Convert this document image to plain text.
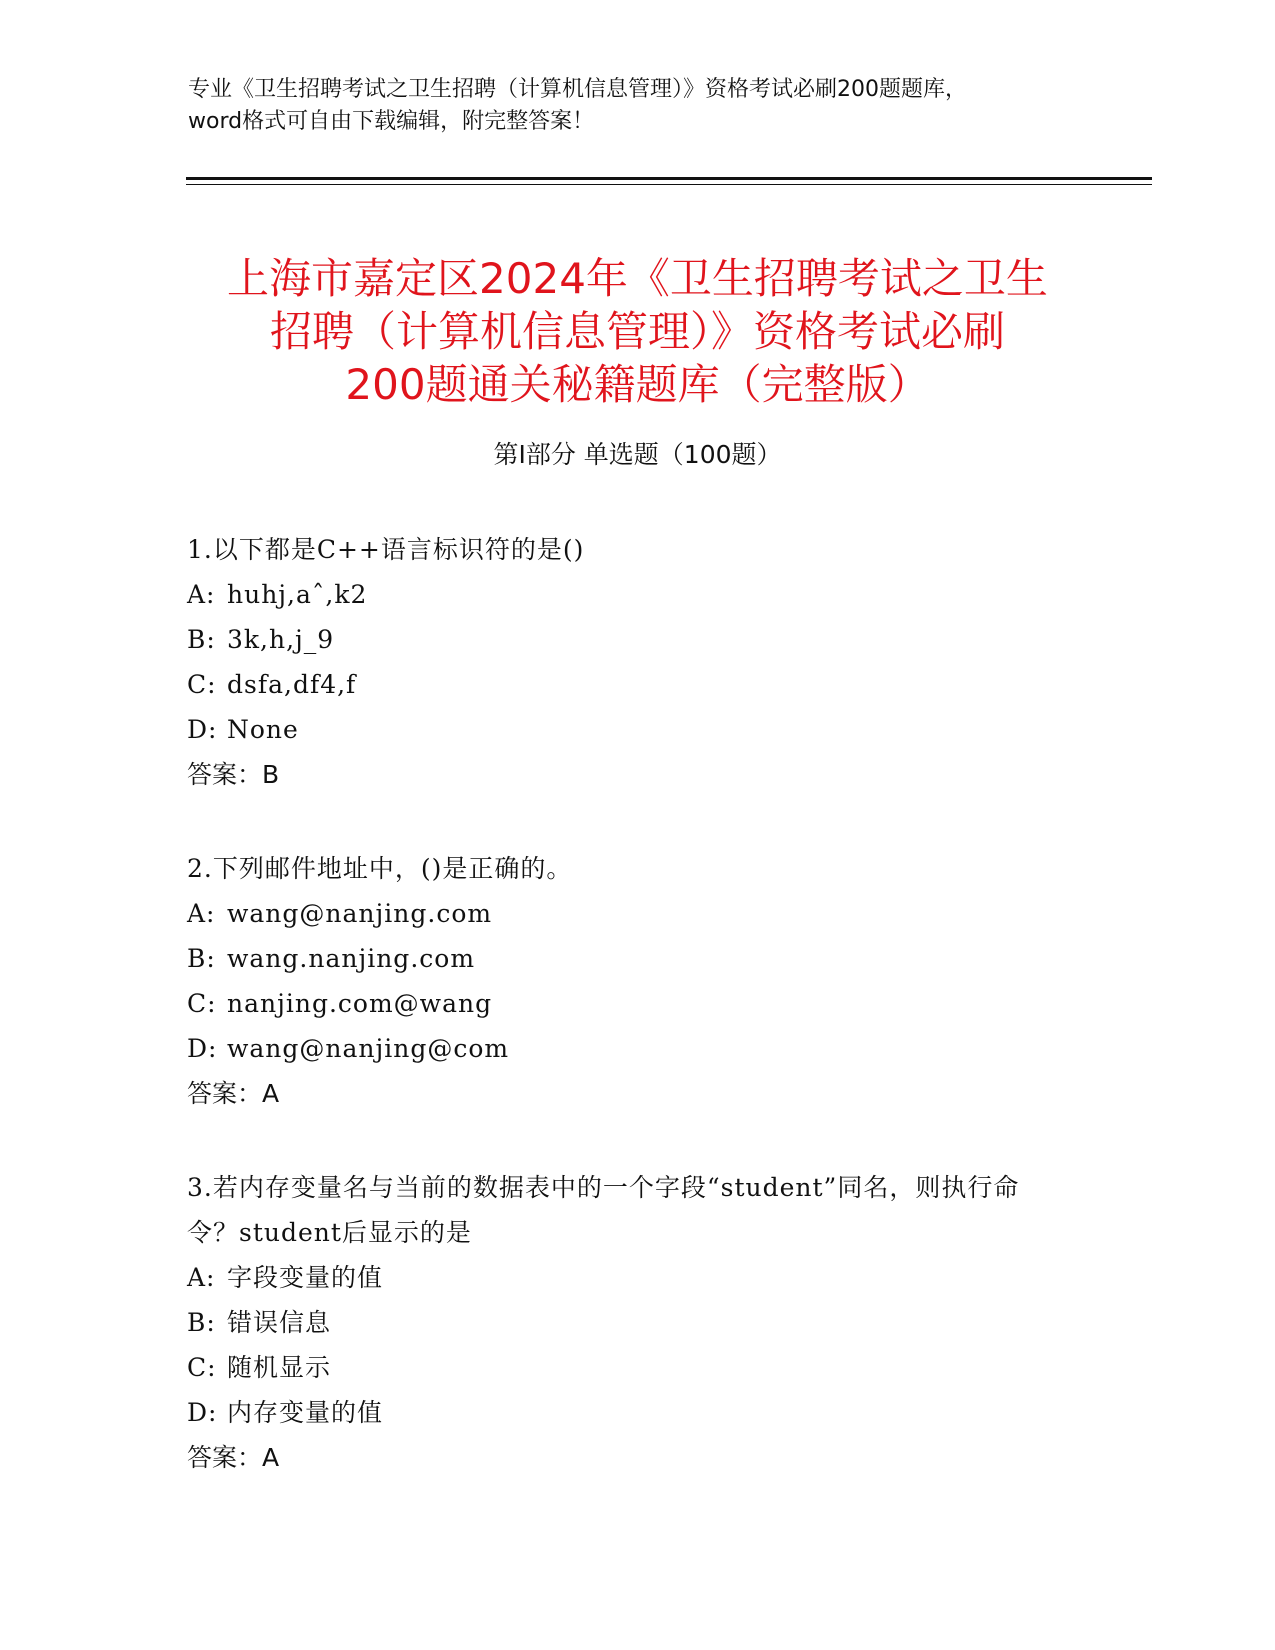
专业《卫生招聘考试之卫生招聘（计算机信息管理）》资格考试必刷200题题库，
word格式可自由下载编辑，附完整答案！
上海市嘉定区2024年《卫生招聘考试之卫生
招聘（计算机信息管理）》资格考试必刷
200题通关秘籍题库（完整版）
第I部分 单选题（100题）
1.以下都是C++语言标识符的是()
A: huhj,aˆ,k2
B: 3k,h,j_9
C: dsfa,df4,f
D: None
答案：B
2.下列邮件地址中，()是正确的。
A: wang@nanjing.com
B: wang.nanjing.com
C: nanjing.com@wang
D: wang@nanjing@com
答案：A
3.若内存变量名与当前的数据表中的一个字段“student”同名，则执行命令？student后显示的是
A: 字段变量的值
B: 错误信息
C: 随机显示
D: 内存变量的值
答案：A
